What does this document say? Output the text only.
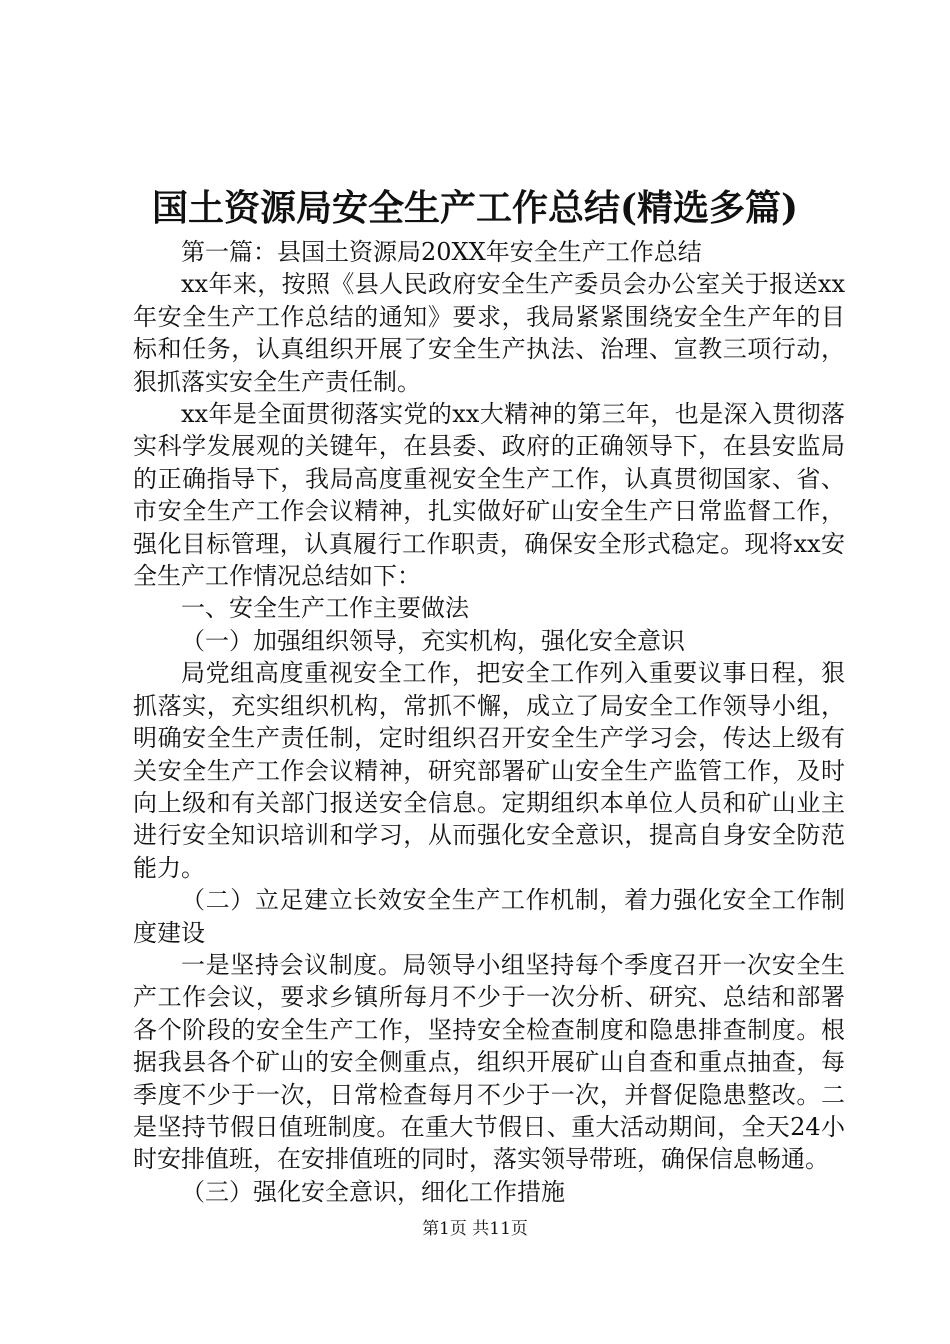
国土资源局安全生产工作总结(精选多篇)

第一篇：县国土资源局20XX年安全生产工作总结

xx年来，按照《县人民政府安全生产委员会办公室关于报送xx年安全生产工作总结的通知》要求，我局紧紧围绕安全生产年的目标和任务，认真组织开展了安全生产执法、治理、宣教三项行动，狠抓落实安全生产责任制。

xx年是全面贯彻落实党的xx大精神的第三年，也是深入贯彻落实科学发展观的关键年，在县委、政府的正确领导下，在县安监局的正确指导下，我局高度重视安全生产工作，认真贯彻国家、省、市安全生产工作会议精神，扎实做好矿山安全生产日常监督工作，强化目标管理，认真履行工作职责，确保安全形式稳定。现将xx安全生产工作情况总结如下：

一、安全生产工作主要做法

（一）加强组织领导，充实机构，强化安全意识

局党组高度重视安全工作，把安全工作列入重要议事日程，狠抓落实，充实组织机构，常抓不懈，成立了局安全工作领导小组，明确安全生产责任制，定时组织召开安全生产学习会，传达上级有关安全生产工作会议精神，研究部署矿山安全生产监管工作，及时向上级和有关部门报送安全信息。定期组织本单位人员和矿山业主进行安全知识培训和学习，从而强化安全意识，提高自身安全防范能力。

（二）立足建立长效安全生产工作机制，着力强化安全工作制度建设

一是坚持会议制度。局领导小组坚持每个季度召开一次安全生产工作会议，要求乡镇所每月不少于一次分析、研究、总结和部署各个阶段的安全生产工作，坚持安全检查制度和隐患排查制度。根据我县各个矿山的安全侧重点，组织开展矿山自查和重点抽查，每季度不少于一次，日常检查每月不少于一次，并督促隐患整改。二是坚持节假日值班制度。在重大节假日、重大活动期间，全天24小时安排值班，在安排值班的同时，落实领导带班，确保信息畅通。

（三）强化安全意识，细化工作措施

第1页 共11页
